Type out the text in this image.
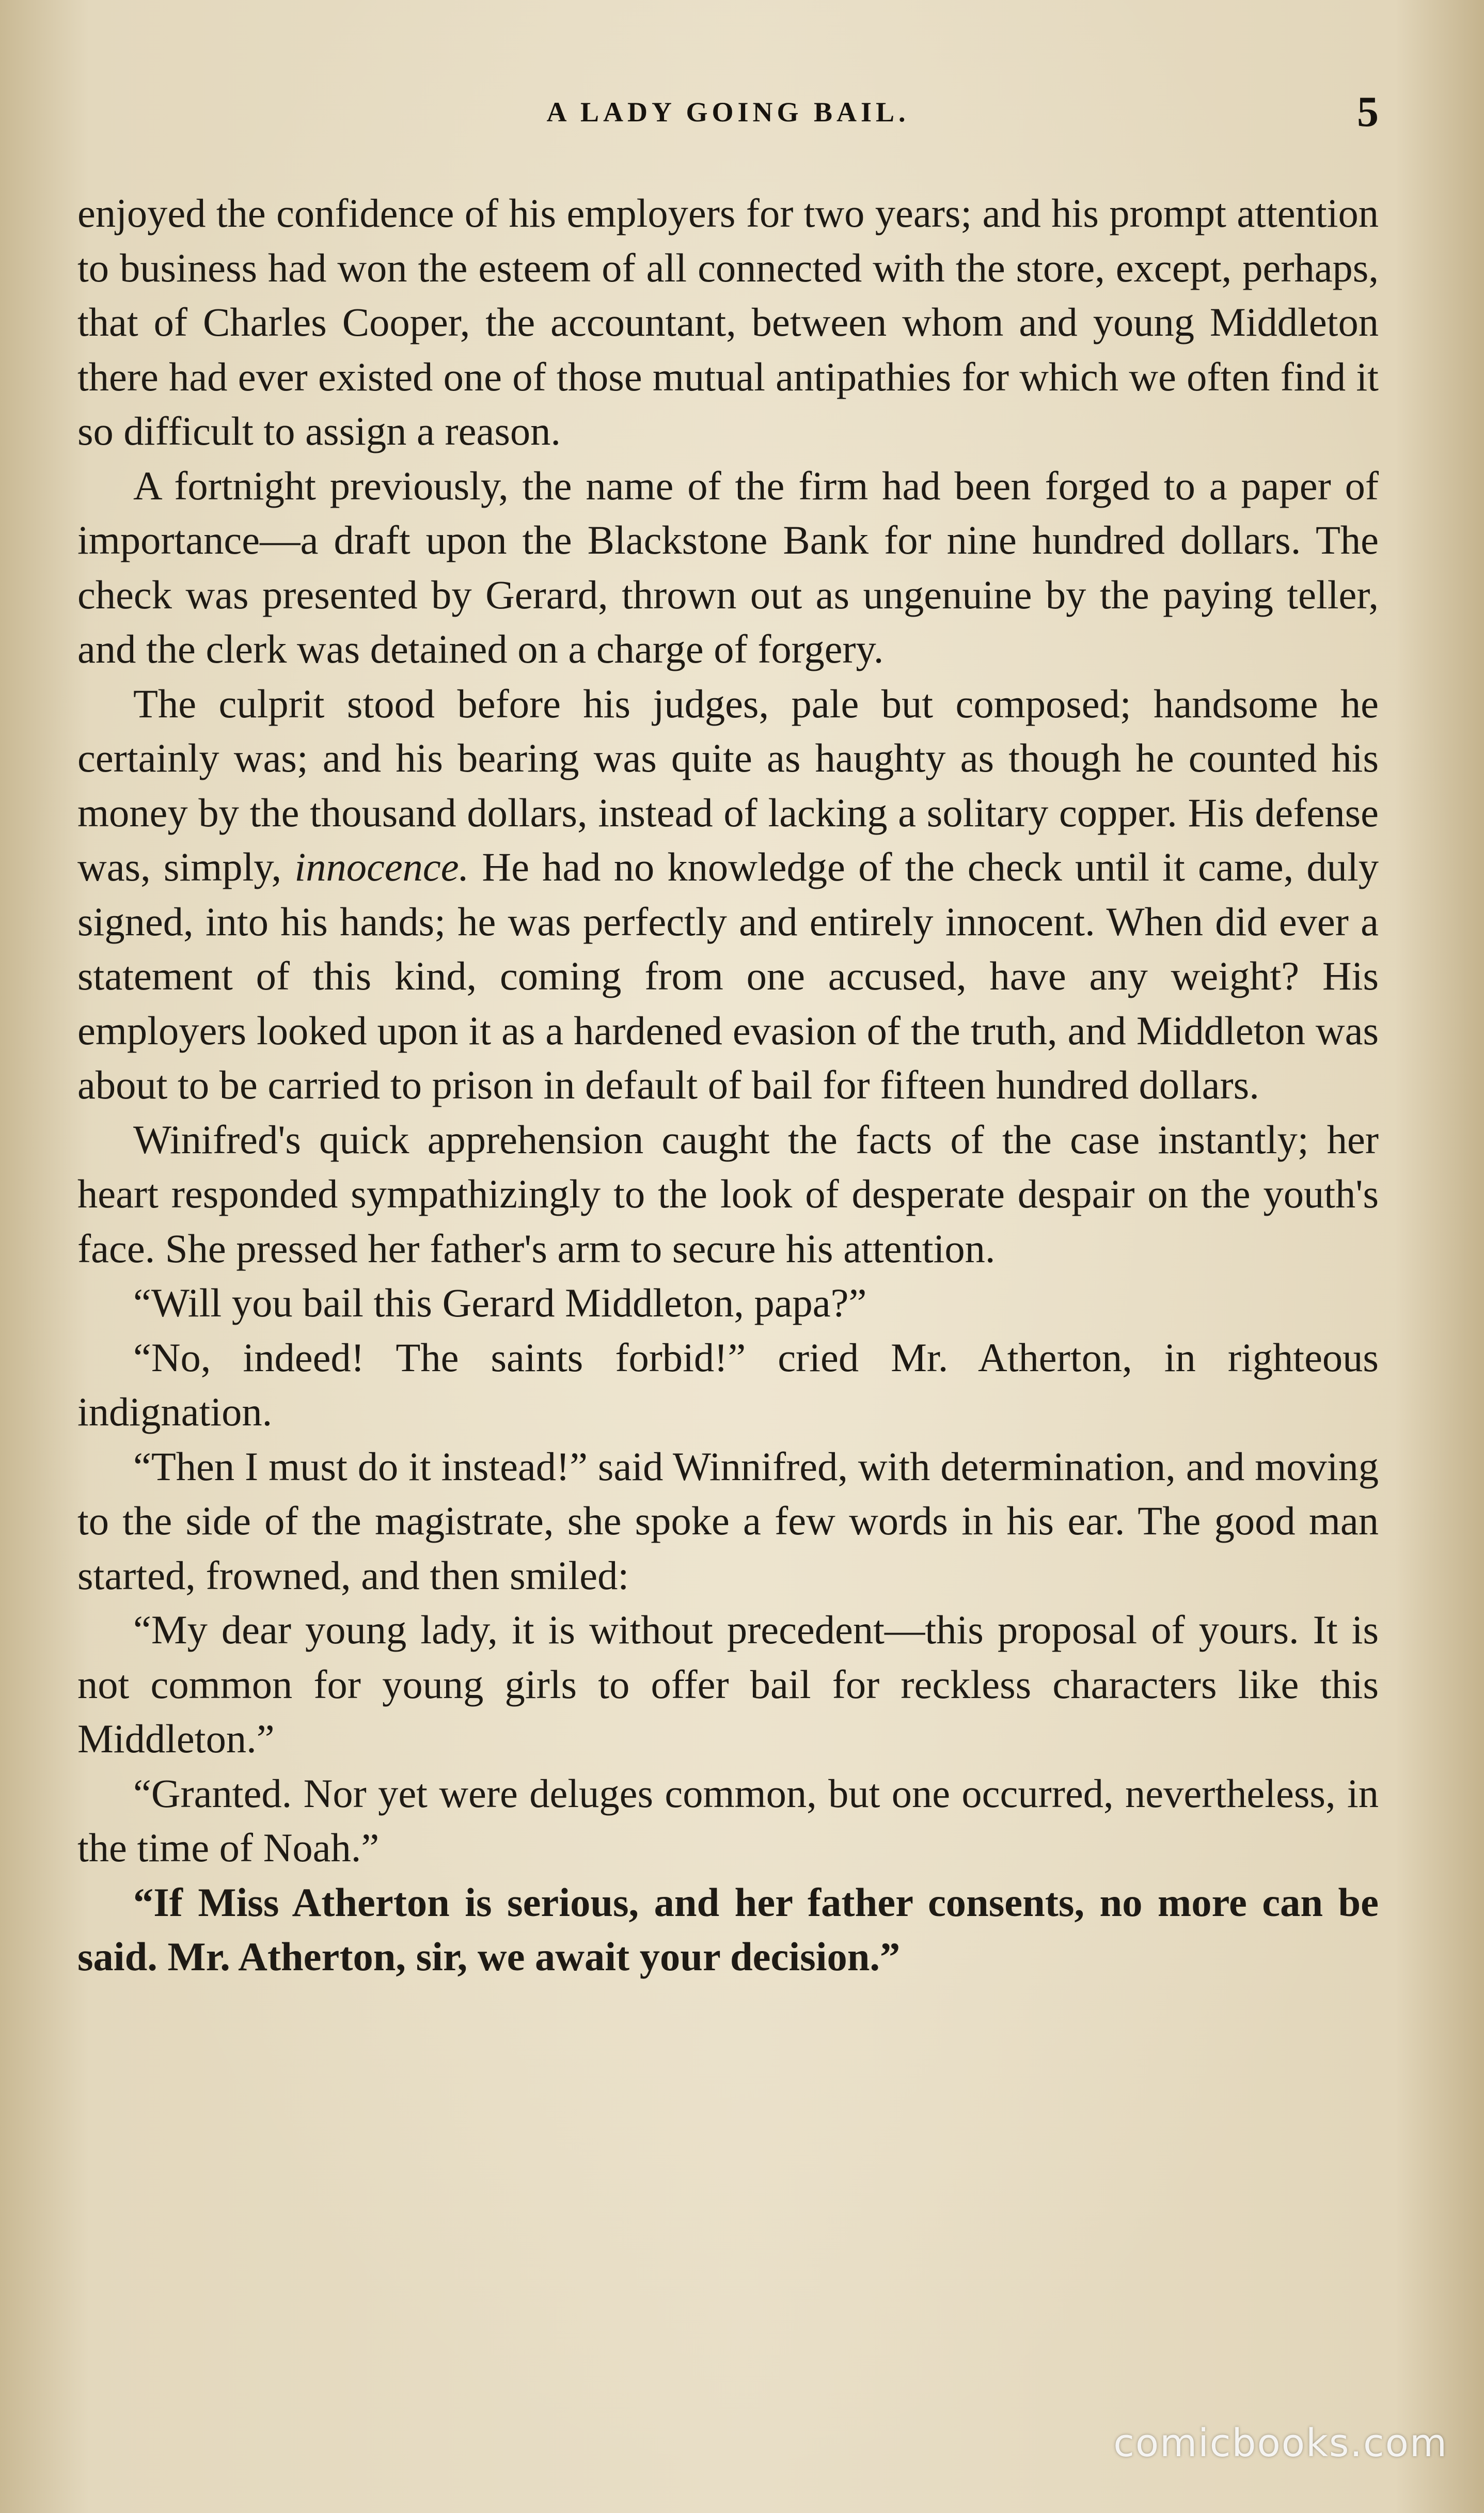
A LADY GOING BAIL.	5

enjoyed the confidence of his employers for two years; and his prompt attention to business had won the esteem of all connected with the store, except, perhaps, that of Charles Cooper, the accountant, between whom and young Middleton there had ever existed one of those mutual antipathies for which we often find it so difficult to assign a reason.

A fortnight previously, the name of the firm had been forged to a paper of importance—a draft upon the Blackstone Bank for nine hundred dollars. The check was presented by Gerard, thrown out as ungenuine by the paying teller, and the clerk was detained on a charge of forgery.

The culprit stood before his judges, pale but composed; handsome he certainly was; and his bearing was quite as haughty as though he counted his money by the thousand dollars, instead of lacking a solitary copper. His defense was, simply, innocence. He had no knowledge of the check until it came, duly signed, into his hands; he was perfectly and entirely innocent. When did ever a statement of this kind, coming from one accused, have any weight? His employers looked upon it as a hardened evasion of the truth, and Middleton was about to be carried to prison in default of bail for fifteen hundred dollars.

Winifred's quick apprehension caught the facts of the case instantly; her heart responded sympathizingly to the look of desperate despair on the youth's face. She pressed her father's arm to secure his attention.

“Will you bail this Gerard Middleton, papa?”

“No, indeed! The saints forbid!” cried Mr. Atherton, in righteous indignation.

“Then I must do it instead!” said Winnifred, with determination, and moving to the side of the magistrate, she spoke a few words in his ear. The good man started, frowned, and then smiled:

“My dear young lady, it is without precedent—this proposal of yours. It is not common for young girls to offer bail for reckless characters like this Middleton.”

“Granted. Nor yet were deluges common, but one occurred, nevertheless, in the time of Noah.”

“If Miss Atherton is serious, and her father consents, no more can be said. Mr. Atherton, sir, we await your decision.”

comicbooks.com
